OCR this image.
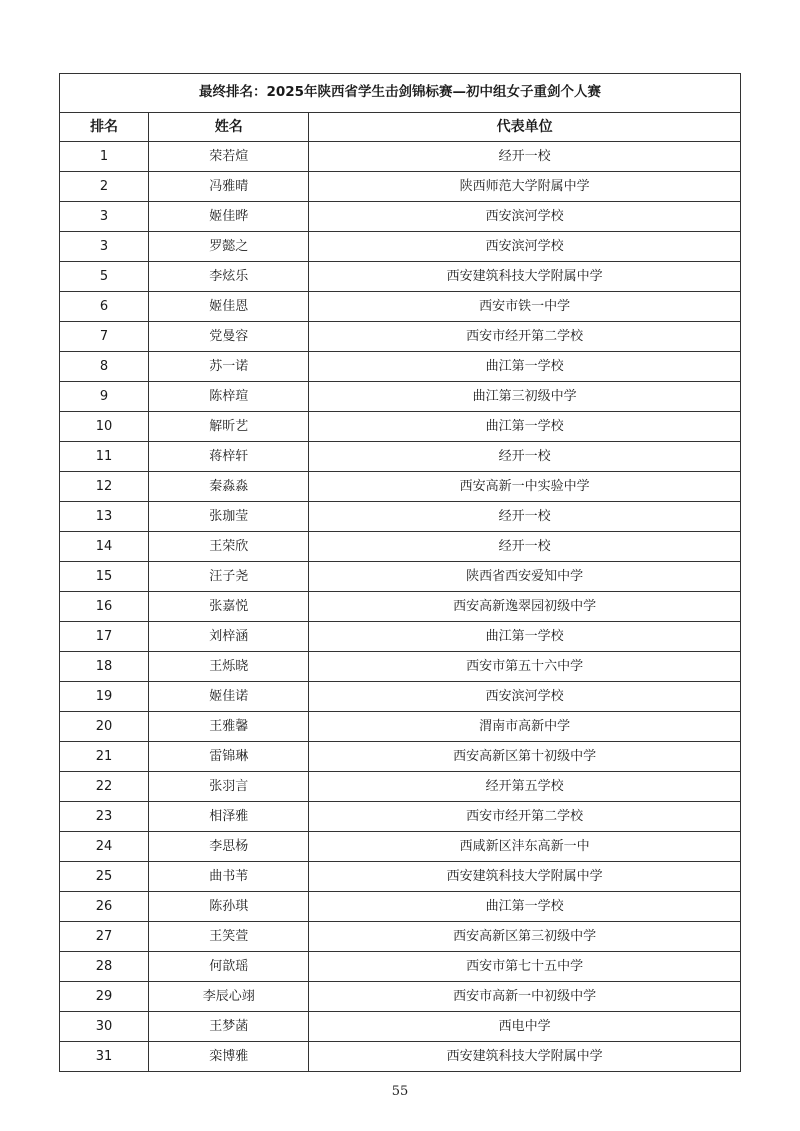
最终排名：2025年陕西省学生击剑锦标赛—初中组女子重剑个人赛		
排名	姓名	代表单位
1	荣若煊	经开一校
2	冯雅晴	陕西师范大学附属中学
3	姬佳晔	西安滨河学校
3	罗懿之	西安滨河学校
5	李炫乐	西安建筑科技大学附属中学
6	姬佳恩	西安市铁一中学
7	党曼容	西安市经开第二学校
8	苏一诺	曲江第一学校
9	陈梓瑄	曲江第三初级中学
10	解昕艺	曲江第一学校
11	蒋梓轩	经开一校
12	秦淼淼	西安高新一中实验中学
13	张珈莹	经开一校
14	王荣欣	经开一校
15	汪子尧	陕西省西安爱知中学
16	张嘉悦	西安高新逸翠园初级中学
17	刘梓涵	曲江第一学校
18	王烁晓	西安市第五十六中学
19	姬佳诺	西安滨河学校
20	王雅馨	渭南市高新中学
21	雷锦琳	西安高新区第十初级中学
22	张羽言	经开第五学校
23	相泽雅	西安市经开第二学校
24	李思杨	西咸新区沣东高新一中
25	曲书苇	西安建筑科技大学附属中学
26	陈孙琪	曲江第一学校
27	王笑萱	西安高新区第三初级中学
28	何歆瑶	西安市第七十五中学
29	李辰心翊	西安市高新一中初级中学
30	王梦菡	西电中学
31	栾博雅	西安建筑科技大学附属中学
55
